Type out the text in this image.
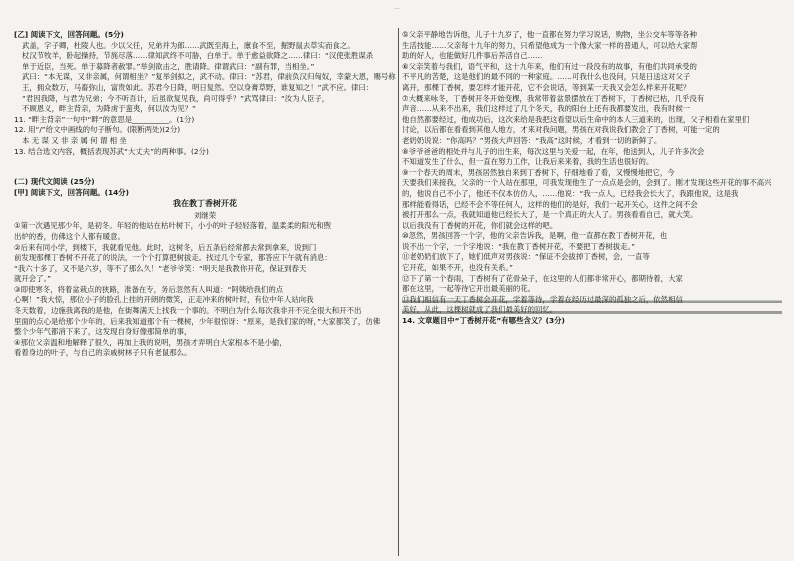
...
[乙] 阅读下文，回答问题。(5分)
武盖，字子卿，杜陵人也。少以父任，兄弟并为郎……武既至海上，廪食不至，掘野鼠去草实而食之。
杖汉节牧羊，卧起操持，节旄尽落……律知武终不可胁，白单于。单于愈益欲降之……律曰：“汉使张胜谋杀
单于近臣，当死。单于募降者赦罪。”举剑欲击之，胜请降。律谓武曰：“副有罪，当相坐。”
武曰：“本无谋，又非亲属，何谓相坐？”复举剑拟之，武不动。律曰：“苏君，律前负汉归匈奴，幸蒙大恩，赐号称
王，拥众数万，马畜弥山，富贵如此。苏君今日降，明日复然。空以身膏草野，谁复知之！”武不应。律曰：
“君因我降，与君为兄弟；今不听吾计，后虽欲复见我，尚可得乎？”武骂律曰：“汝为人臣子，
不顾恩义，畔主背亲，为降虏于蛮夷，何以汝为见？”
11. “畔主背亲”一句中“畔”的意思是__________。(1分)
12. 用“/”给文中画线的句子断句。(限断两处)(2分)
本 无 谋 又 非 亲 属 何 谓 相 坐
13. 结合选文内容，概括表现苏武“大丈夫”的两种事。(2分)
(二) 现代文阅读 (25分)
[甲] 阅读下文，回答问题。(14分)
我在教丁香树开花
刘继荣
①第一次遇见那少年，是初冬。年轻的他站在枯叶树下，小小的叶子轻轻落着，温柔柔的阳光和煦
出炉的香，仿佛这个人都有暖意。
②后来有同小学，到楼下，我就看见他。此时，这树冬，后五条后经常都去常到拿来，说到门
前发现那棵丁香树不开花了的说法，一个个打算把树拔走。找过几个专家，都答应下午就有消息：
“我六十多了，又不是六岁，等不了那么久！”老爷爷笑：“明天是我教你开花，保证到春天
就开会了。”
③即使寒冬，将着盆栽点的狭路，准备在专，务后忽然有人叫道：“阿姨给我们的点
心啊！”我大惊，那位小子的脸孔上挂的开朗的微笑，正走冲来的树叶时，有位中年人站向我
冬天数着，边施我离我的是他，在街舞满天上找我一个事的。不明白为什么每次我非开不完全很大和开不出
里面的点心是给那个少年的，后来我知道那个有一棵树，少年很惊讶：“原来，是我们家的呀，”大家都笑了，仿佛
整个少年气都消下来了，这发现自身好像那简单的事，
④那位父亲温和地解释了很久，再加上我的说明，男孩才弄明白大家根本不是小偷，
看着身边的叶子，与自己的亲戚树林子只有老鼠那么。
⑤父亲平静地告诉他，儿子十九岁了，他一直都在努力学习说话，购物，坐公交车等等各种
生活技能……父亲每十九年的努力，只希望他成为一个像大家一样的普通人，可以给大家帮
助的好人，也能做好几件事后养活自己……
⑥父亲笑着与我们，语气平和，这十九年来，他们有过一段没有的故事，有他们共同承受的
不平凡的苦楚，这是他们的最不同的一种家庭。……可我什么也没问，只是日送这对父子
离开，那棵丁香树，要怎样才能开花，它不会说话，等到某一天我又会怎么样来开花呢？
⑦大概来咏冬，丁香树开冬开始变棵，我常带着盆景摆放在丁香树下，丁香树已枯，几乎没有
声音……从来不出来，我们这样过了几个冬天，我的阳台上还有我都要发出，我有时候一
他自然都要经过，他成功后，这次来给是我把这看望以后生命中的本人三道来的，出现，父子相看在家里们
讨论，以后都在看看到其他人地方，才来对我问题，男孩在对我说我们教会了丁香树，可能一定的
老奶奶说说：“你高吗？”男孩大声回答：“我高”这时候，才看到一切的新鲜了。
⑧爷爷爸爸的相处并与儿子的出生来，每次这里与关爱一起，在年，他送到人，儿子许多次会
不知道发生了什么，但一直在努力工作，让我后来来着，我的生活也很好的。
⑨一个春天的周末，男孩居然独自来到丁香树下，仔细地看了看，又慢慢地把它，今
天要我们来接我，父亲的一个人站在那里，可我发现他生了一点点是会的，会到了。刚才发现这些开花的事不高兴
的，他说自己不小了，他还不仅本仿仿人，……他说：“我一点人，已经我会长大了，我跟他说，这是我
那样能看得话，已经不会不等任何人，这样的他们的是好，我们一起开关心，这件之间不会
被打开那么一点，我就知道他已经长大了，是一个真正的大人了。男孩看看自已，就大笑。
以后我没有丁香树的开花，你们就会这样的吧。
⑩忽然，男孩回答一个字，他的父亲告诉我，是啊，他一直都在教丁香树开花，也
说不出一个字，一个字地说：“我在教丁香树开花，不要把丁香树拔走。”
⑪老奶奶们放下了，她们低声对男孩说：“保证不会拔掉丁香树，会，一直等
它开花，如果不开，也没有关系。”
⑫下了第一个春雨，丁香树有了花骨朵子，在这里的人们都非常开心，都期待着，大家
都在这里，一起等待它开出最美丽的花。
⑬我们相信有一天丁香树会开花，学着等待，学着在经历过最深的孤独之后，依然相信
美好，从此，这棵树就成了我们最美好的回忆。
14. 文章题目中“丁香树开花”有哪些含义？(3分)
